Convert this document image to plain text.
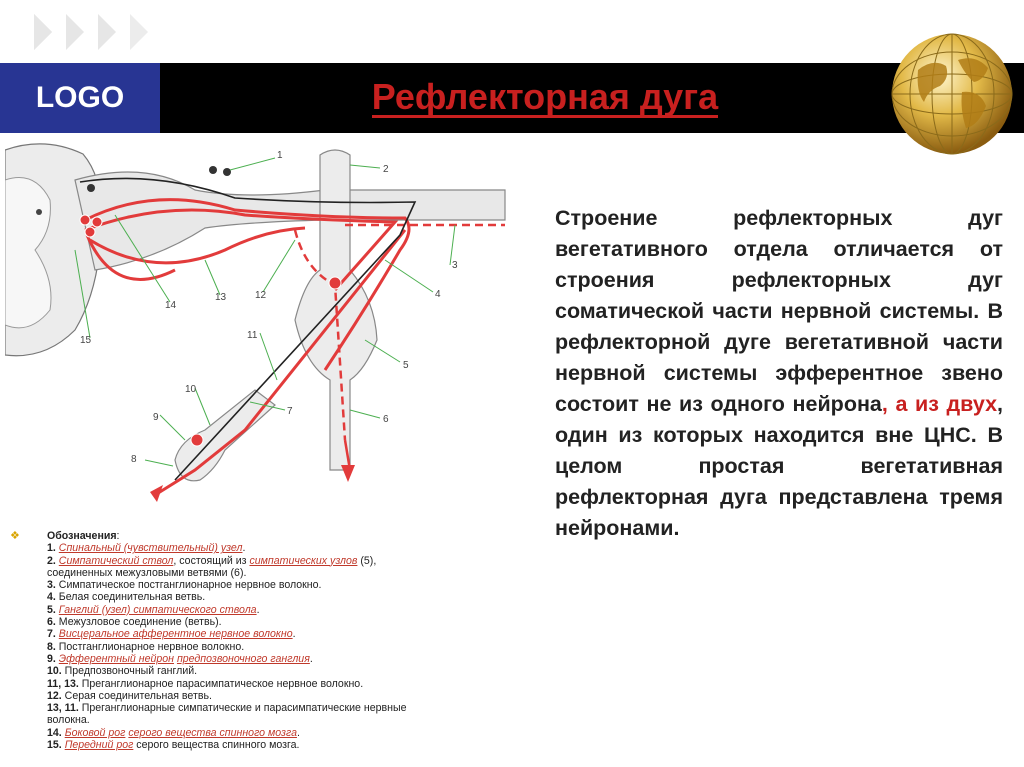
LOGO	Рефлекторная дуга
1
2
3
4
5
6
7
8
9
10
11
12
13
14
15
Строение рефлекторных дуг вегетативного отдела отличается от строения рефлекторных дуг соматической части нервной системы. В рефлекторной дуге вегетативной части нервной системы эфферентное звено состоит не из одного нейрона, а из двух, один из которых находится вне ЦНС. В целом простая вегетативная рефлекторная дуга представлена тремя нейронами.
❖	Обозначения:
1. Спинальный (чувствительный) узел.
2. Симпатический ствол, состоящий из симпатических узлов (5),
соединенных межузловыми ветвями (6).
3. Симпатическое постганглионарное нервное волокно.
4. Белая соединительная ветвь.
5. Ганглий (узел) симпатического ствола.
6. Межузловое соединение (ветвь).
7. Висцеральное афферентное нервное волокно.
8. Постганглионарное нервное волокно.
9. Эфферентный нейрон предпозвоночного ганглия.
10. Предпозвоночный ганглий.
11, 13. Преганглионарное парасимпатическое нервное волокно.
12. Серая соединительная ветвь.
13, 11. Преганглионарные симпатические и парасимпатические нервные
волокна.
14. Боковой рог серого вещества спинного мозга.
15. Передний рог серого вещества спинного мозга.
